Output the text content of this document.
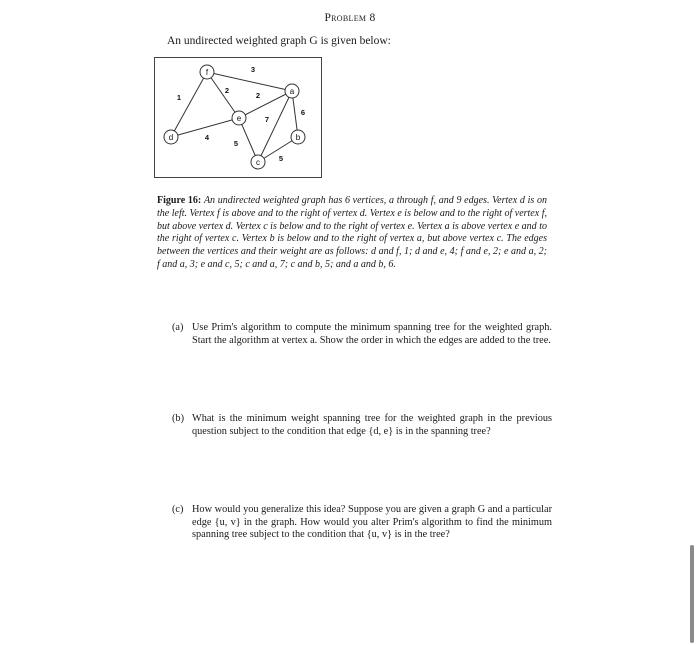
Problem 8
An undirected weighted graph G is given below:
1
4
2
2
3
5
7
5
6
d
f
e
c
a
b
Figure 16: An undirected weighted graph has 6 vertices, a through f, and 9 edges. Vertex d is on the left. Vertex f is above and to the right of vertex d. Vertex e is below and to the right of vertex f, but above vertex d. Vertex c is below and to the right of vertex e. Vertex a is above vertex e and to the right of vertex c. Vertex b is below and to the right of vertex a, but above vertex c. The edges between the vertices and their weight are as follows: d and f, 1; d and e, 4; f and e, 2; e and a, 2; f and a, 3; e and c, 5; c and a, 7; c and b, 5; and a and b, 6.
(a) Use Prim's algorithm to compute the minimum spanning tree for the weighted graph. Start the algorithm at vertex a. Show the order in which the edges are added to the tree.
(b) What is the minimum weight spanning tree for the weighted graph in the previous question subject to the condition that edge {d, e} is in the spanning tree?
(c) How would you generalize this idea? Suppose you are given a graph G and a particular edge {u, v} in the graph. How would you alter Prim's algorithm to find the minimum spanning tree subject to the condition that {u, v} is in the tree?
